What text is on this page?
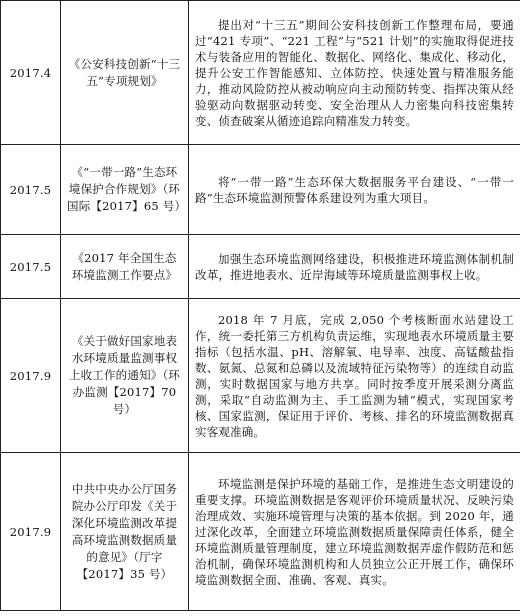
2017.4	《公安科技创新“十三五”专项规划》	提出对“十三五”期间公安科技创新工作整理布局，要通过“421 专项”、“221 工程”与“521 计划”的实施取得促进技术与装备应用的智能化、数据化、网络化、集成化、移动化，提升公安工作智能感知、立体防控、快速处置与精准服务能力，推动风险防控从被动响应向主动预防转变、指挥决策从经验驱动向数据驱动转变、安全治理从人力密集向科技密集转变、侦查破案从循迹追踪向精准发力转变。
2017.5	《“一带一路”生态环境保护合作规划》（环国际【2017】65 号）	将“一带一路”生态环保大数据服务平台建设、“一带一路”生态环境监测预警体系建设列为重大项目。
2017.5	《2017 年全国生态环境监测工作要点》	加强生态环境监测网络建设，积极推进环境监测体制机制改革，推进地表水、近岸海域等环境质量监测事权上收。
2017.9	《关于做好国家地表水环境质量监测事权上收工作的通知》（环办监测【2017】70 号）	2018 年 7 月底，完成 2,050 个考核断面水站建设工作，统一委托第三方机构负责运维，实现地表水环境质量主要指标（包括水温、pH、溶解氧、电导率、浊度、高锰酸盐指数、氨氮、总氮和总磷以及流域特征污染物等）的连续自动监测，实时数据国家与地方共享。同时按季度开展采测分离监测，采取“自动监测为主、手工监测为辅”模式，实现国家考核、国家监测，保证用于评价、考核、排名的环境监测数据真实客观准确。
2017.9	中共中央办公厅国务院办公厅印发《关于深化环境监测改革提高环境监测数据质量的意见》（厅字【2017】35 号）	环境监测是保护环境的基础工作，是推进生态文明建设的重要支撑。环境监测数据是客观评价环境质量状况、反映污染治理成效、实施环境管理与决策的基本依据。到 2020 年，通过深化改革，全面建立环境监测数据质量保障责任体系，健全环境监测质量管理制度，建立环境监测数据弄虚作假防范和惩治机制，确保环境监测机构和人员独立公正开展工作，确保环境监测数据全面、准确、客观、真实。
